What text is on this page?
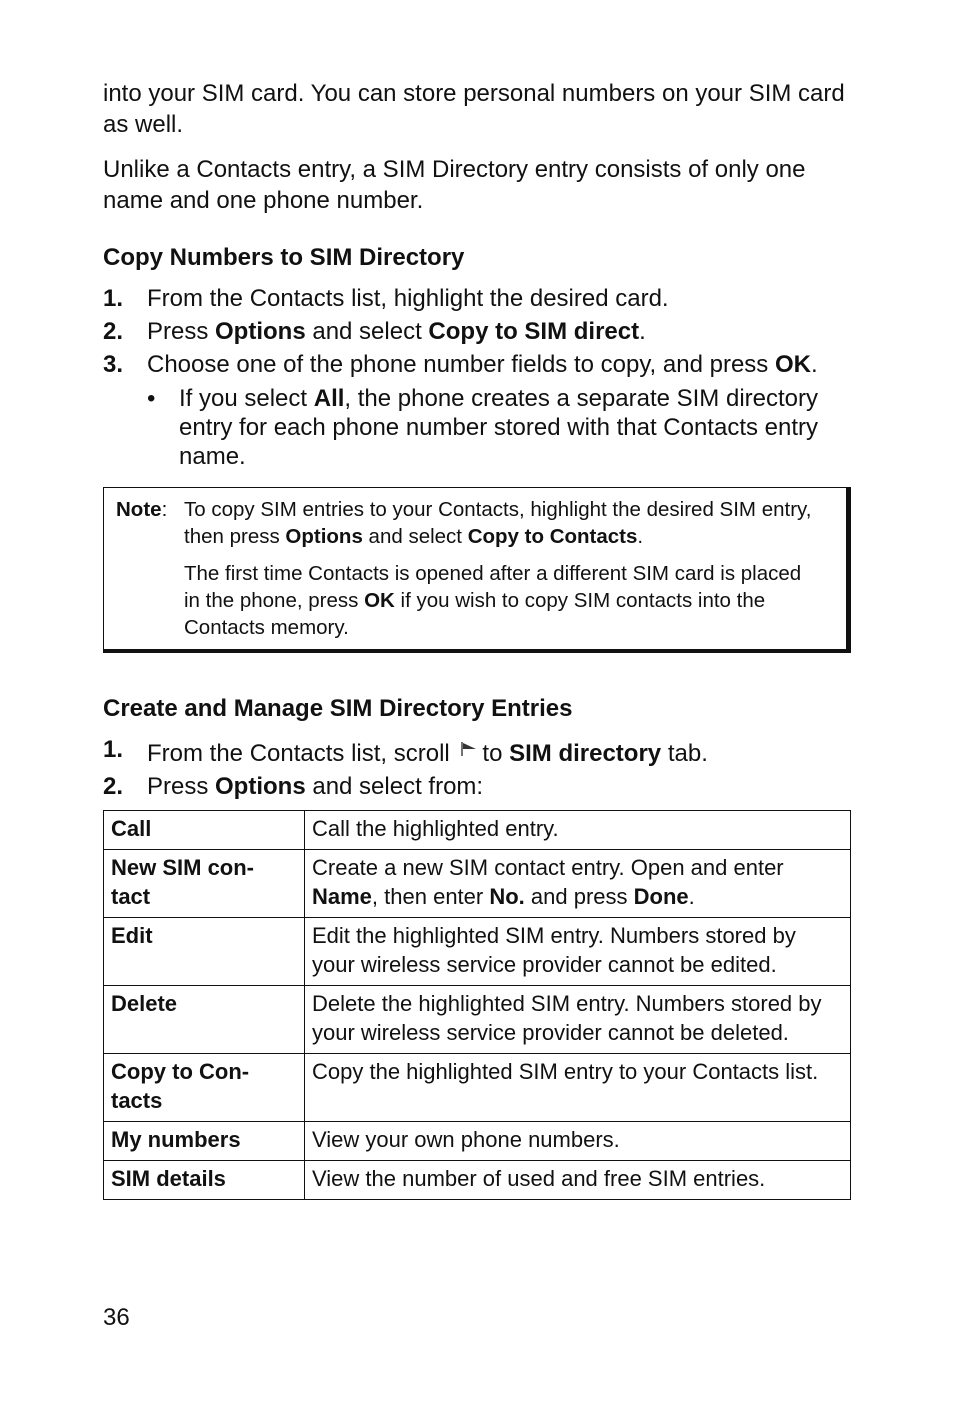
into your SIM card. You can store personal numbers on your SIM card as well.

Unlike a Contacts entry, a SIM Directory entry consists of only one name and one phone number.

Copy Numbers to SIM Directory
1. From the Contacts list, highlight the desired card.
2. Press Options and select Copy to SIM direct.
3. Choose one of the phone number fields to copy, and press OK.
• If you select All, the phone creates a separate SIM directory entry for each phone number stored with that Contacts entry name.
Note: To copy SIM entries to your Contacts, highlight the desired SIM entry, then press Options and select Copy to Contacts.
The first time Contacts is opened after a different SIM card is placed in the phone, press OK if you wish to copy SIM contacts into the Contacts memory.
Create and Manage SIM Directory Entries
1. From the Contacts list, scroll to SIM directory tab.
2. Press Options and select from:
Call	Call the highlighted entry.
New SIM con-
tact	Create a new SIM contact entry. Open and enter Name, then enter No. and press Done.
Edit	Edit the highlighted SIM entry. Numbers stored by your wireless service provider cannot be edited.
Delete	Delete the highlighted SIM entry. Numbers stored by your wireless service provider cannot be deleted.
Copy to Con-
tacts	Copy the highlighted SIM entry to your Contacts list.
My numbers	View your own phone numbers.
SIM details	View the number of used and free SIM entries.
36
